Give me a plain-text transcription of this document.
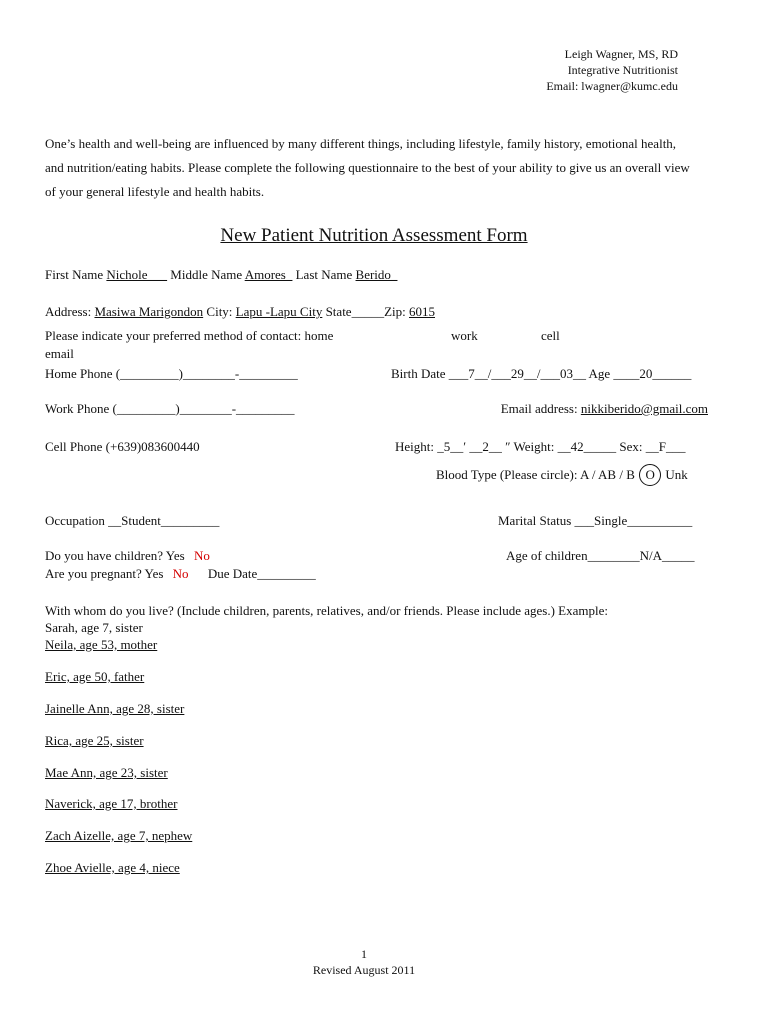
Leigh Wagner, MS, RD
Integrative Nutritionist
Email: lwagner@kumc.edu
One’s health and well-being are influenced by many different things, including lifestyle, family history, emotional health, and nutrition/eating habits. Please complete the following questionnaire to the best of your ability to give us an overall view of your general lifestyle and health habits.
New Patient Nutrition Assessment Form
First Name Nichole___ Middle Name Amores_ Last Name Berido_
Address: Masiwa Marigondon City: Lapu -Lapu City State_____Zip: 6015
Please indicate your preferred method of contact: home	work	cell
email
Home Phone (_________)________-_________	Birth Date ___7__/___29__/___03__ Age ____20______
Work Phone (_________)________-_________	Email address: nikkiberido@gmail.com
Cell Phone (+639)083600440	Height: _5__′ __2__ ″ Weight: __42_____ Sex: __F___
Blood Type (Please circle): A / AB / B O Unk
Occupation __Student_________	Marital Status ___Single__________
Do you have children? Yes No	Age of children________N/A_____
Are you pregnant? Yes No Due Date_________
With whom do you live? (Include children, parents, relatives, and/or friends. Please include ages.) Example:
Sarah, age 7, sister
Neila, age 53, mother
Eric, age 50, father
Jainelle Ann, age 28, sister
Rica, age 25, sister
Mae Ann, age 23, sister
Naverick, age 17, brother
Zach Aizelle, age 7, nephew
Zhoe Avielle, age 4, niece
1
Revised August 2011
